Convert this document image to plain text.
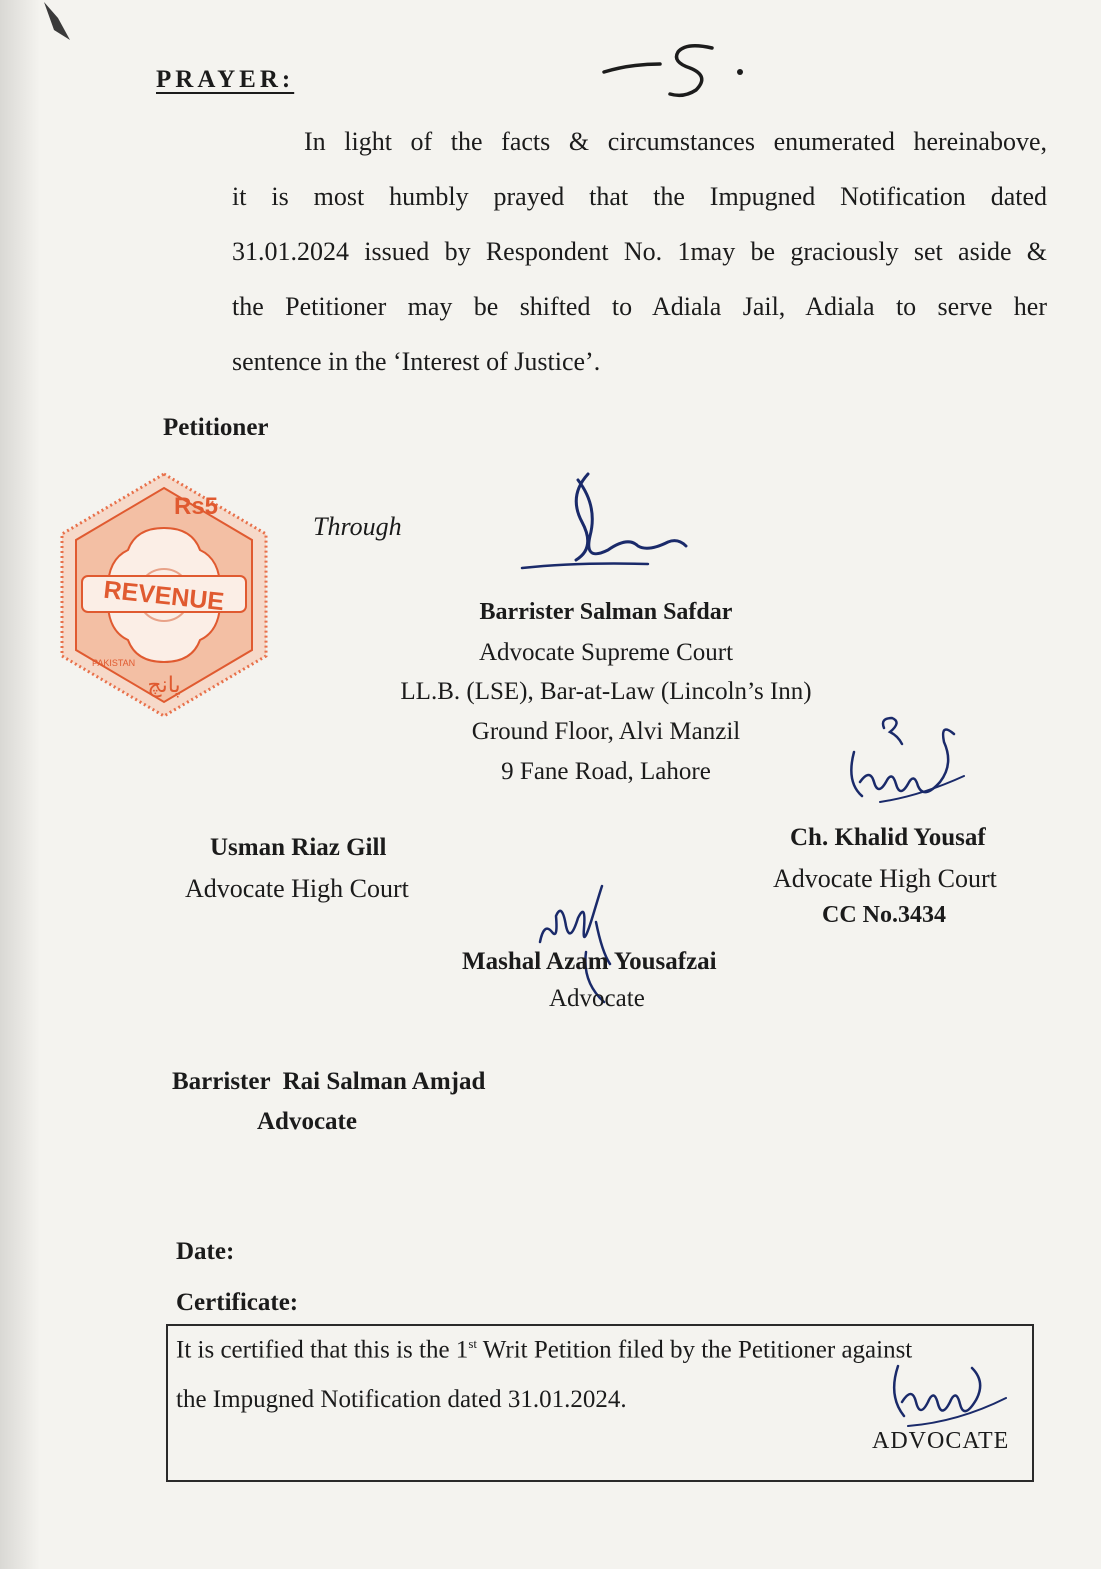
-5.
PRAYER:
In light of the facts & circumstances enumerated hereinabove,
it is most humbly prayed that the Impugned Notification dated
31.01.2024 issued by Respondent No. 1may be graciously set aside &
the Petitioner may be shifted to Adiala Jail, Adiala to serve her
sentence in the ‘Interest of Justice’.
Petitioner
Rs5
REVENUE
PAKISTAN
پانچ
Through
Barrister Salman Safdar
Advocate Supreme Court
LL.B. (LSE), Bar-at-Law (Lincoln’s Inn)
Ground Floor, Alvi Manzil
9 Fane Road, Lahore
Usman Riaz Gill
Advocate High Court
Ch. Khalid Yousaf
Advocate High Court
CC No.3434
Mashal Azam Yousafzai
Advocate
Barrister  Rai Salman Amjad
Advocate
Date:
Certificate:
It is certified that this is the 1st Writ Petition filed by the Petitioner against
the Impugned Notification dated 31.01.2024.
ADVOCATE
